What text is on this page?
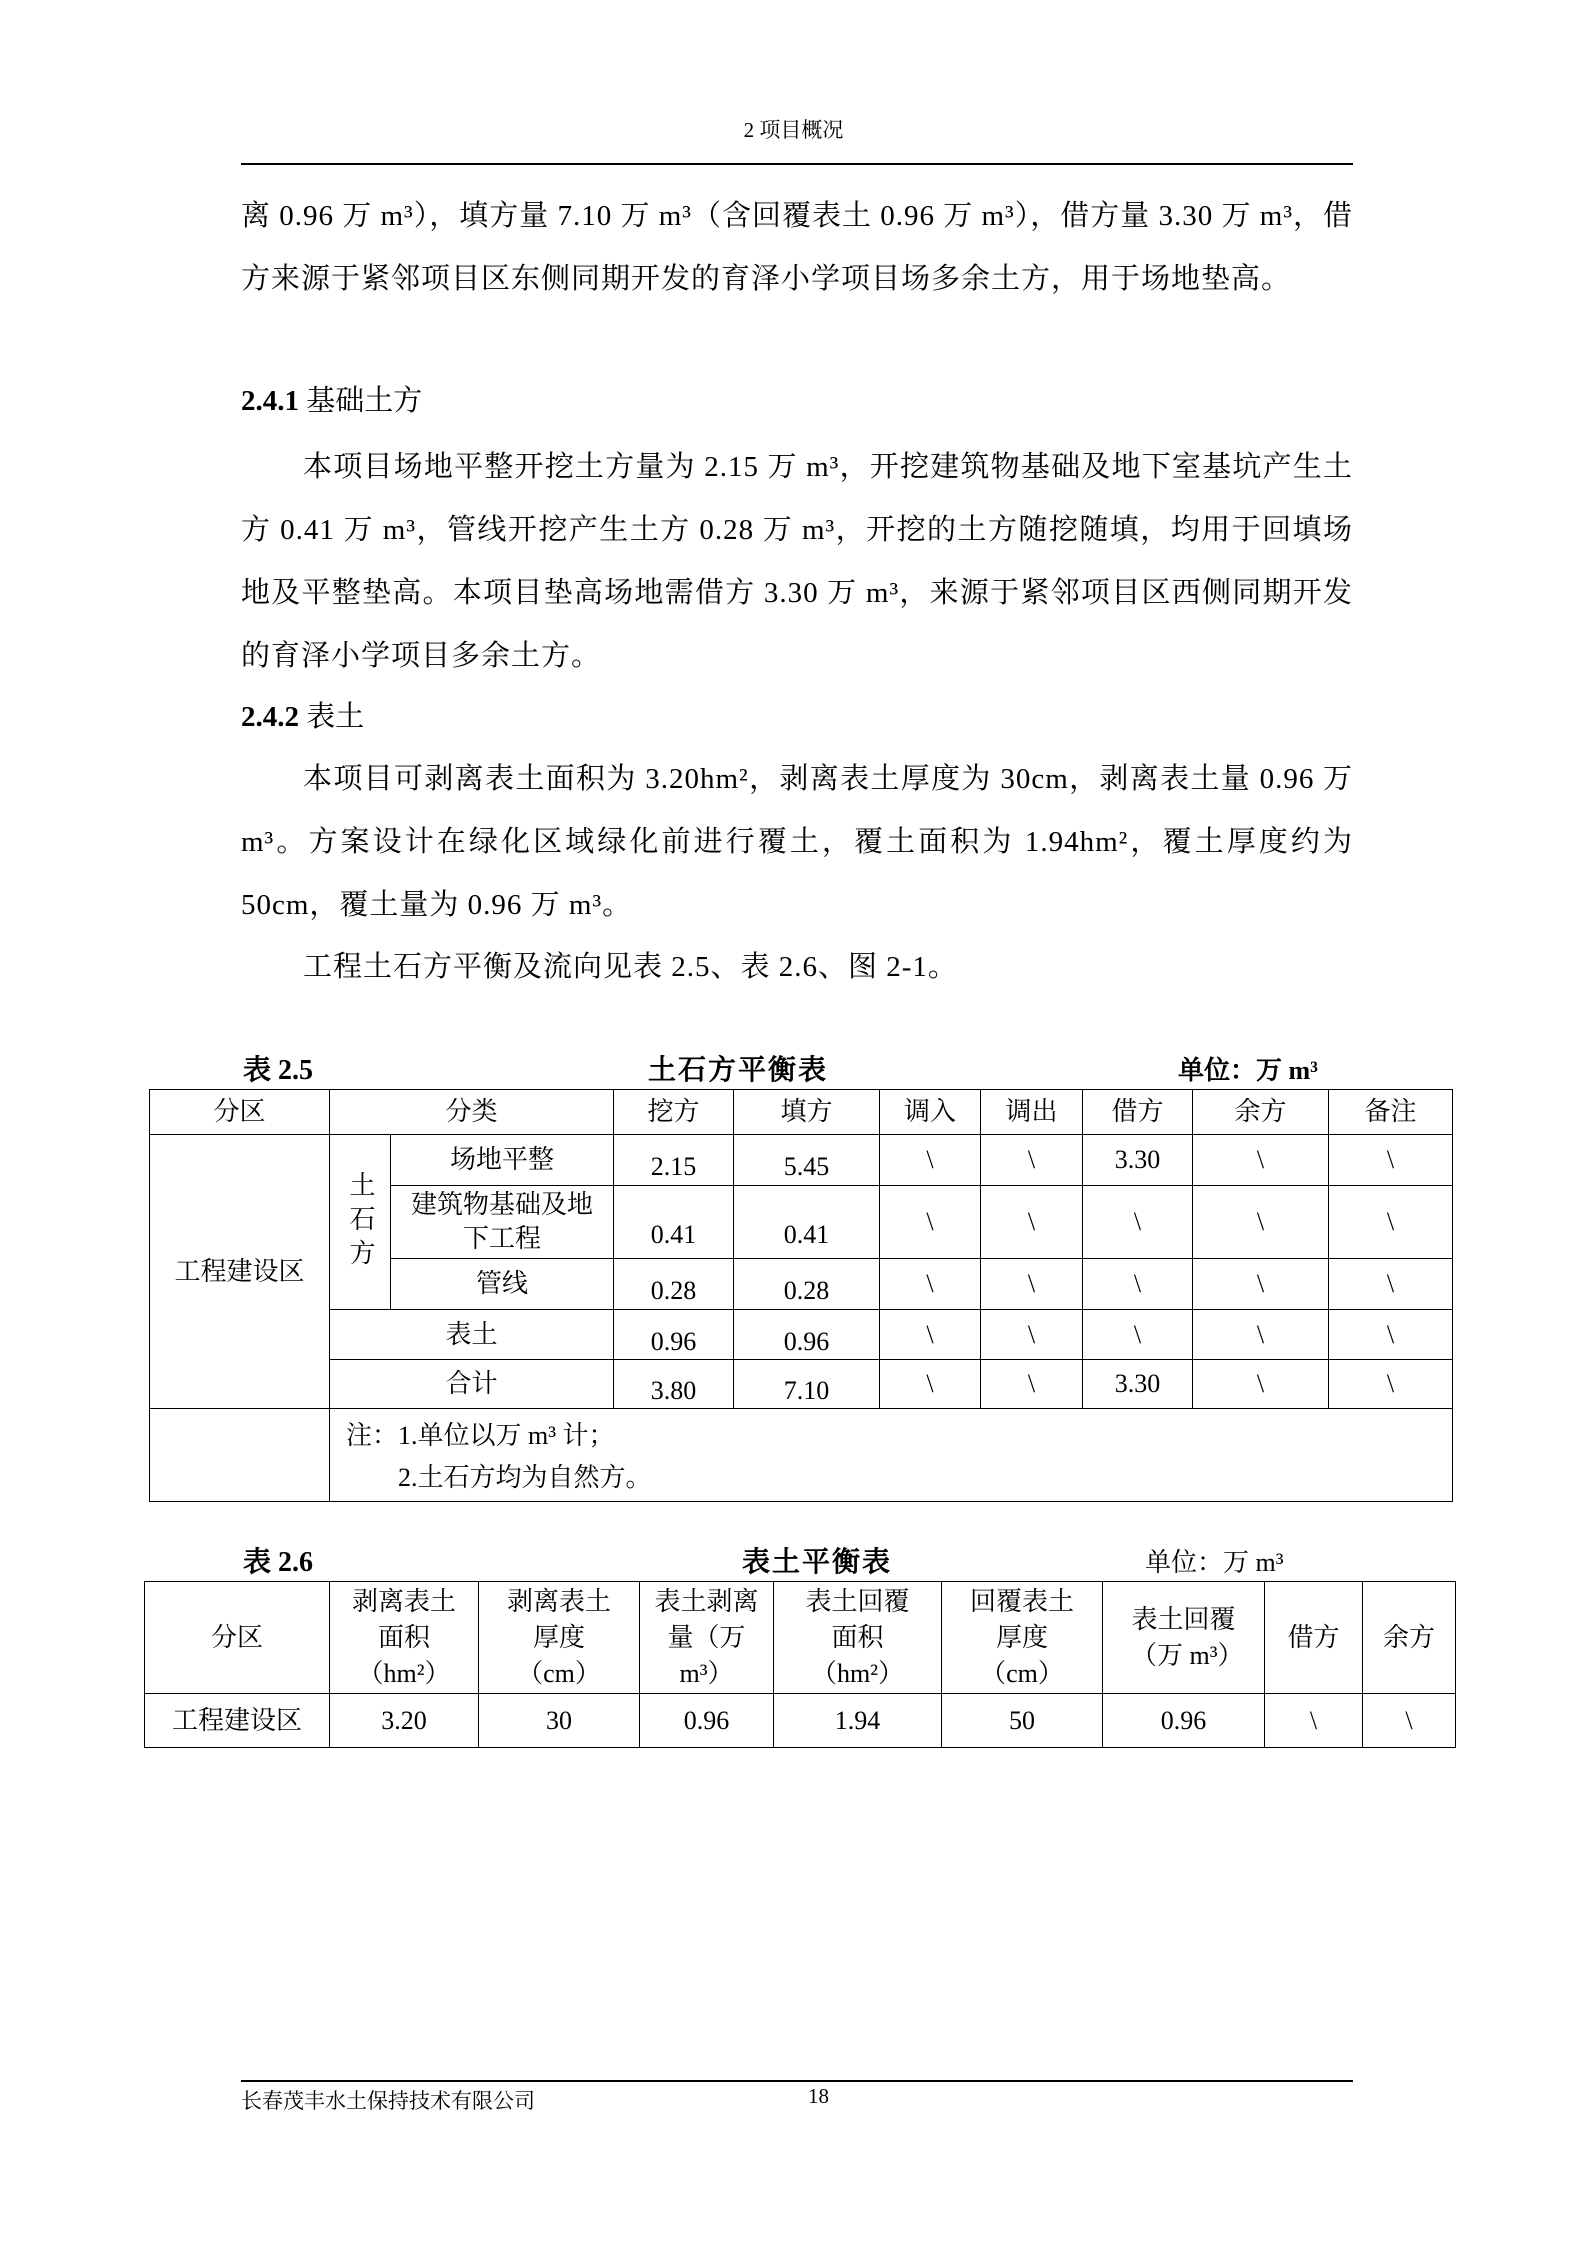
2 项目概况
离 0.96 万 m³），填方量 7.10 万 m³（含回覆表土 0.96 万 m³），借方量 3.30 万 m³，借方来源于紧邻项目区东侧同期开发的育泽小学项目场多余土方，用于场地垫高。
2.4.1 基础土方
本项目场地平整开挖土方量为 2.15 万 m³，开挖建筑物基础及地下室基坑产生土方 0.41 万 m³，管线开挖产生土方 0.28 万 m³，开挖的土方随挖随填，均用于回填场地及平整垫高。本项目垫高场地需借方 3.30 万 m³，来源于紧邻项目区西侧同期开发的育泽小学项目多余土方。
2.4.2 表土
本项目可剥离表土面积为 3.20hm²，剥离表土厚度为 30cm，剥离表土量 0.96 万 m³。方案设计在绿化区域绿化前进行覆土，覆土面积为 1.94hm²，覆土厚度约为 50cm，覆土量为 0.96 万 m³。
工程土石方平衡及流向见表 2.5、表 2.6、图 2-1。
表 2.5	土石方平衡表	单位：万 m³
分区	分类		挖方	填方	调入	调出	借方	余方	备注
工程建设区	土石方	场地平整	2.15	5.45	\	\	3.30	\	\
		建筑物基础及地下工程	0.41	0.41	\	\	\	\	\
		管线	0.28	0.28	\	\	\	\	\
	表土		0.96	0.96	\	\	\	\	\
	合计		3.80	7.10	\	\	3.30	\	\

	注：1.单位以万 m³ 计；
2.土石方均为自然方。								
表 2.6	表土平衡表	单位：万 m³
分区	剥离表土面积（hm²）	剥离表土厚度（cm）	表土剥离量（万 m³）	表土回覆面积（hm²）	回覆表土厚度（cm）	表土回覆（万 m³）	借方	余方
工程建设区	3.20	30	0.96	1.94	50	0.96	\	\
长春茂丰水土保持技术有限公司	18
